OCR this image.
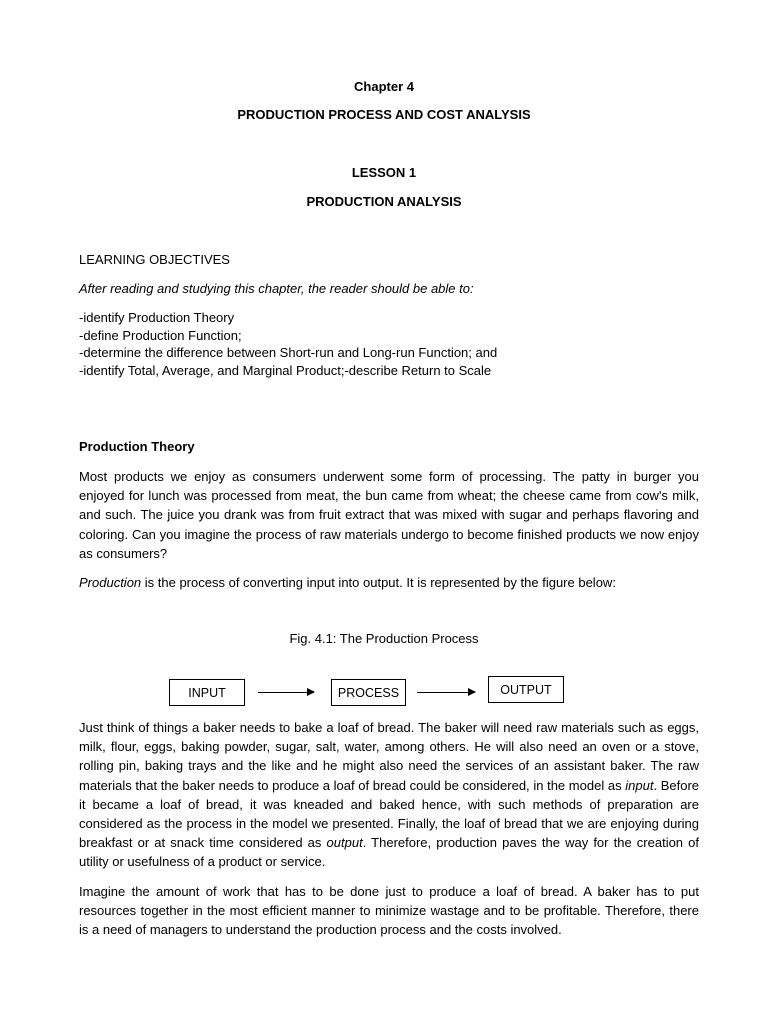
Chapter 4
PRODUCTION PROCESS AND COST ANALYSIS
LESSON 1
PRODUCTION ANALYSIS
LEARNING OBJECTIVES
After reading and studying this chapter, the reader should be able to:
-identify Production Theory
-define Production Function;
-determine the difference between Short-run and Long-run Function; and
-identify Total, Average, and Marginal Product;-describe Return to Scale
Production Theory
Most products we enjoy as consumers underwent some form of processing. The patty in burger you enjoyed for lunch was processed from meat, the bun came from wheat; the cheese came from cow's milk, and such. The juice you drank was from fruit extract that was mixed with sugar and perhaps flavoring and coloring. Can you imagine the process of raw materials undergo to become finished products we now enjoy as consumers?
Production is the process of converting input into output. It is represented by the figure below:
Fig. 4.1: The Production Process
INPUT	PROCESS	OUTPUT
Just think of things a baker needs to bake a loaf of bread. The baker will need raw materials such as eggs, milk, flour, eggs, baking powder, sugar, salt, water, among others. He will also need an oven or a stove, rolling pin, baking trays and the like and he might also need the services of an assistant baker. The raw materials that the baker needs to produce a loaf of bread could be considered, in the model as input. Before it became a loaf of bread, it was kneaded and baked hence, with such methods of preparation are considered as the process in the model we presented. Finally, the loaf of bread that we are enjoying during breakfast or at snack time considered as output. Therefore, production paves the way for the creation of utility or usefulness of a product or service.
Imagine the amount of work that has to be done just to produce a loaf of bread. A baker has to put resources together in the most efficient manner to minimize wastage and to be profitable. Therefore, there is a need of managers to understand the production process and the costs involved.
